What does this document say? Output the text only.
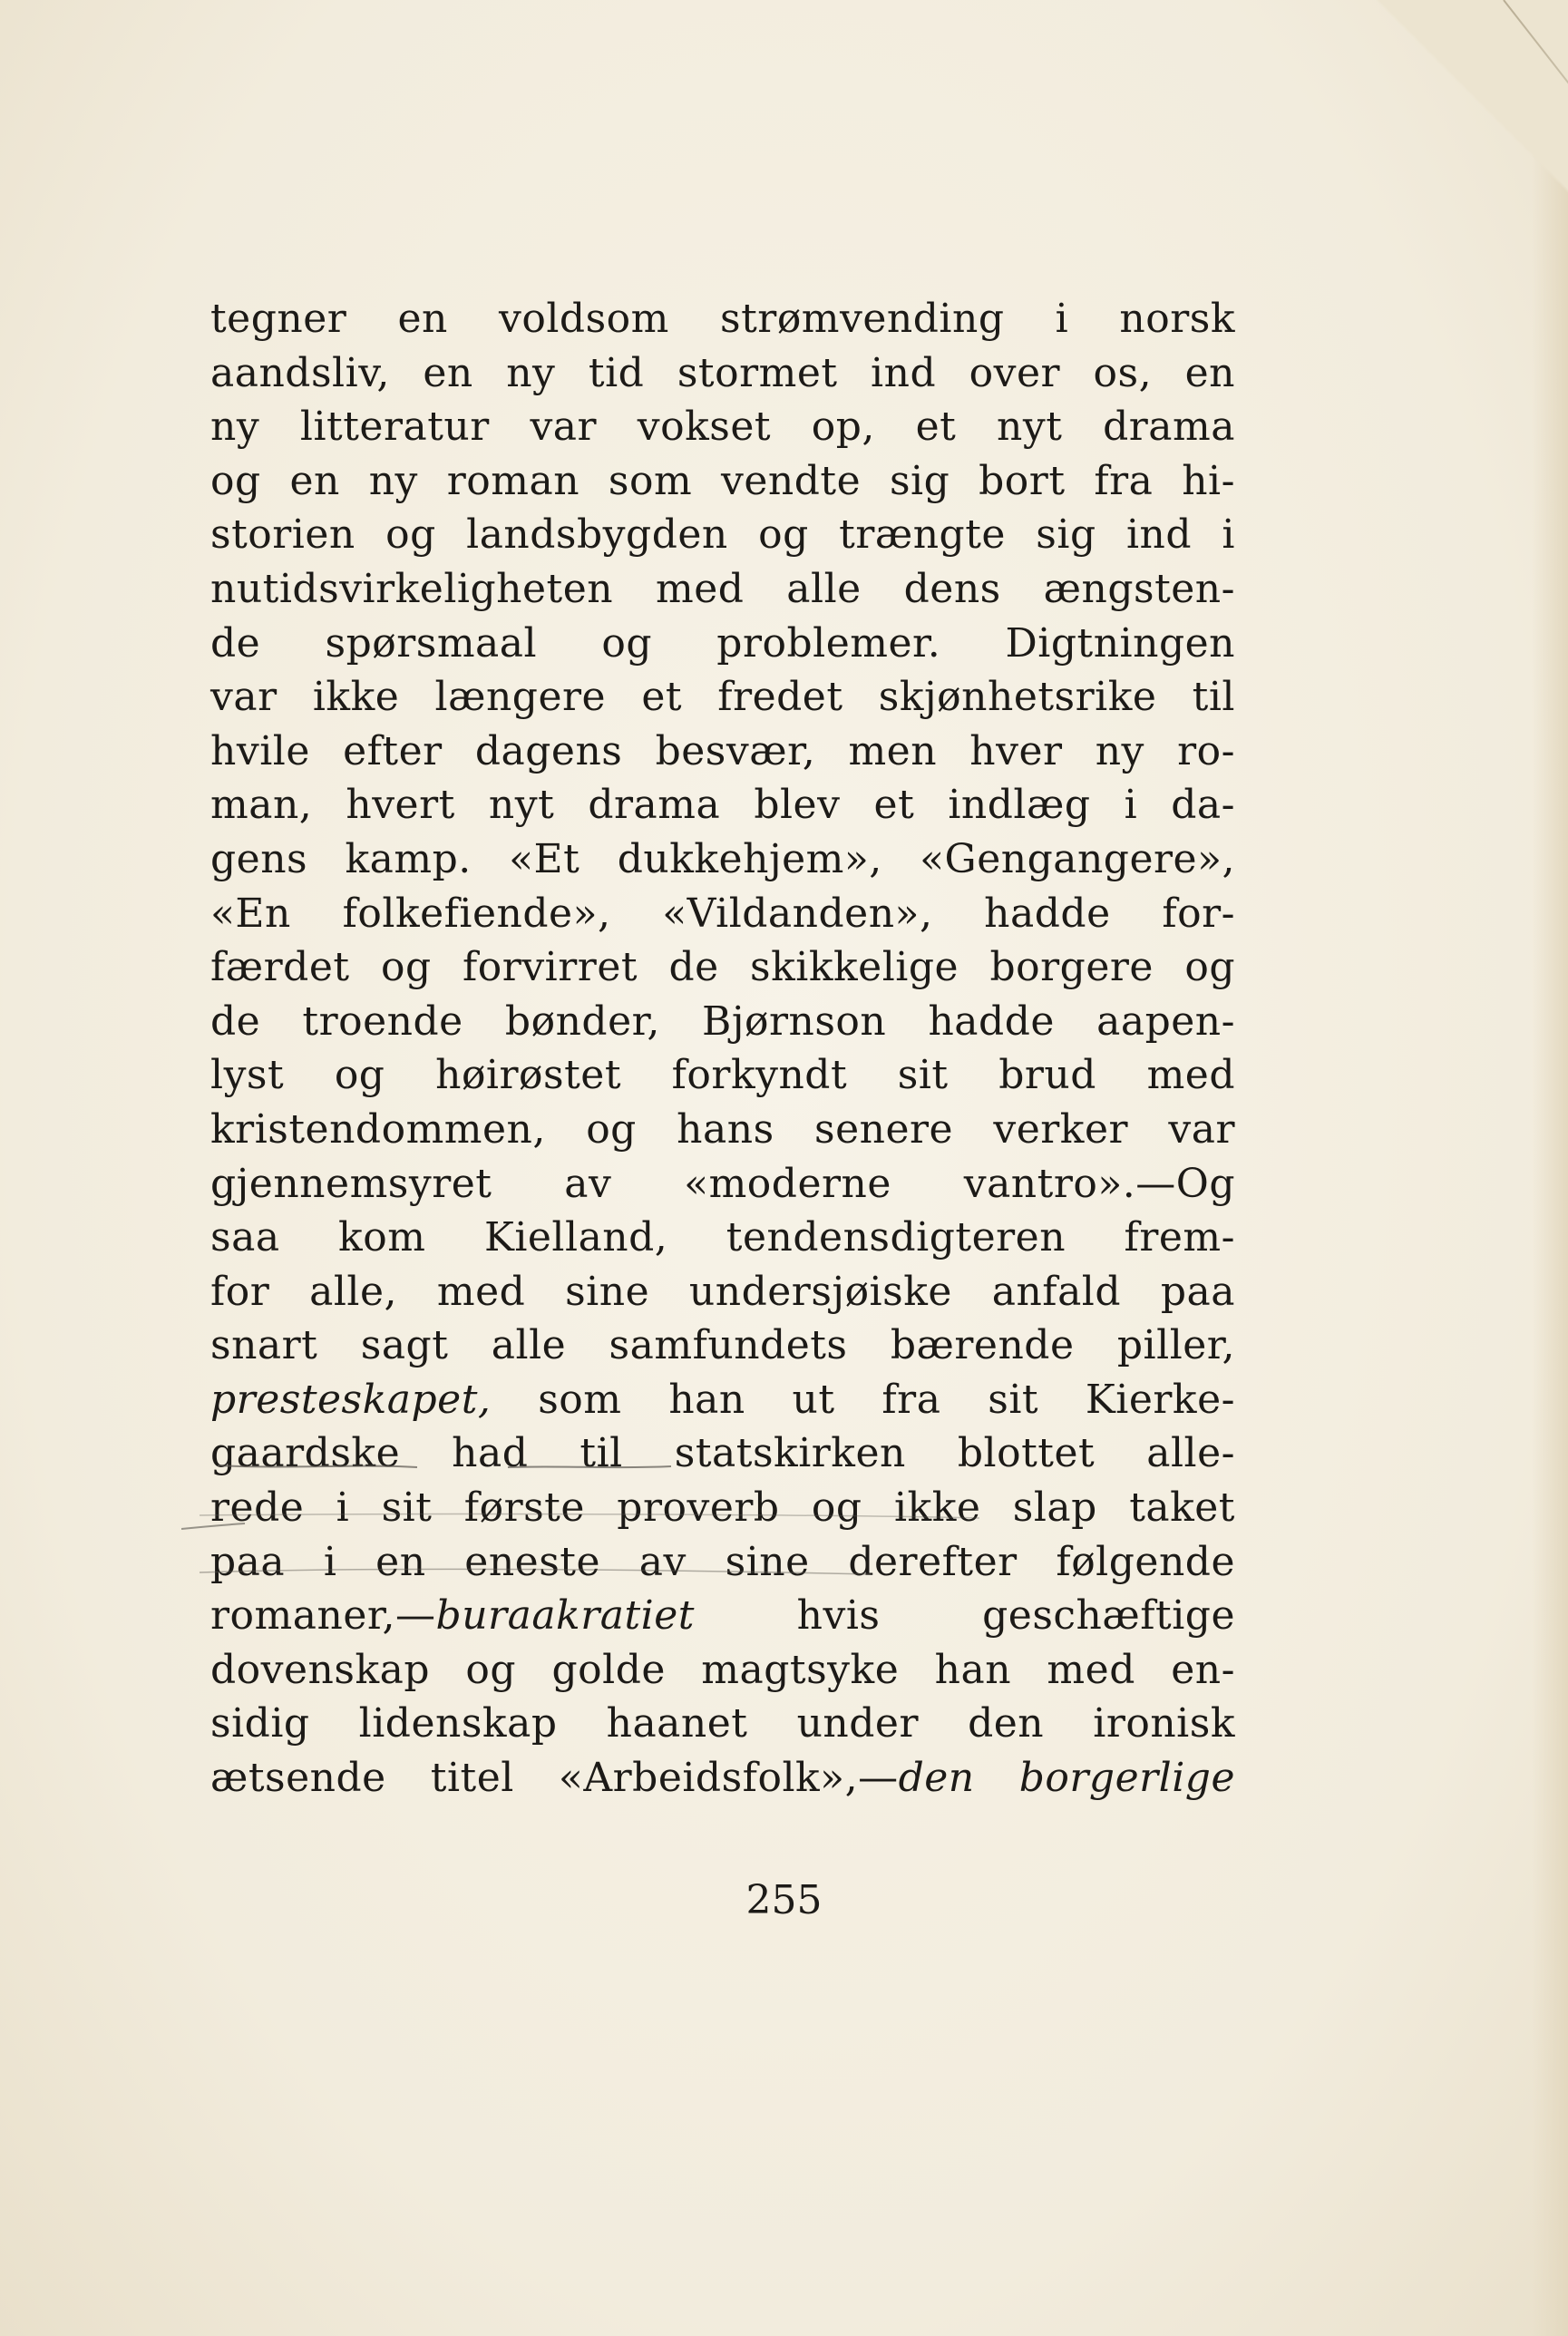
tegner en voldsom strømvending i norsk
aandsliv, en ny tid stormet ind over os, en
ny litteratur var vokset op, et nyt drama
og en ny roman som vendte sig bort fra hi-
storien og landsbygden og trængte sig ind i
nutidsvirkeligheten med alle dens ængsten-
de spørsmaal og problemer. Digtningen
var ikke længere et fredet skjønhetsrike til
hvile efter dagens besvær, men hver ny ro-
man, hvert nyt drama blev et indlæg i da-
gens kamp. «Et dukkehjem», «Gengangere»,
«En folkefiende», «Vildanden», hadde for-
færdet og forvirret de skikkelige borgere og
de troende bønder, Bjørnson hadde aapen-
lyst og høirøstet forkyndt sit brud med
kristendommen, og hans senere verker var
gjennemsyret av «moderne vantro».—Og
saa kom Kielland, tendensdigteren frem-
for alle, med sine undersjøiske anfald paa
snart sagt alle samfundets bærende piller,
presteskapet, som han ut fra sit Kierke-
gaardske had til statskirken blottet alle-
rede i sit første proverb og ikke slap taket
paa i en eneste av sine derefter følgende
romaner,—buraakratiet hvis geschæftige
dovenskap og golde magtsyke han med en-
sidig lidenskap haanet under den ironisk
ætsende titel «Arbeidsfolk»,—den borgerlige
255
